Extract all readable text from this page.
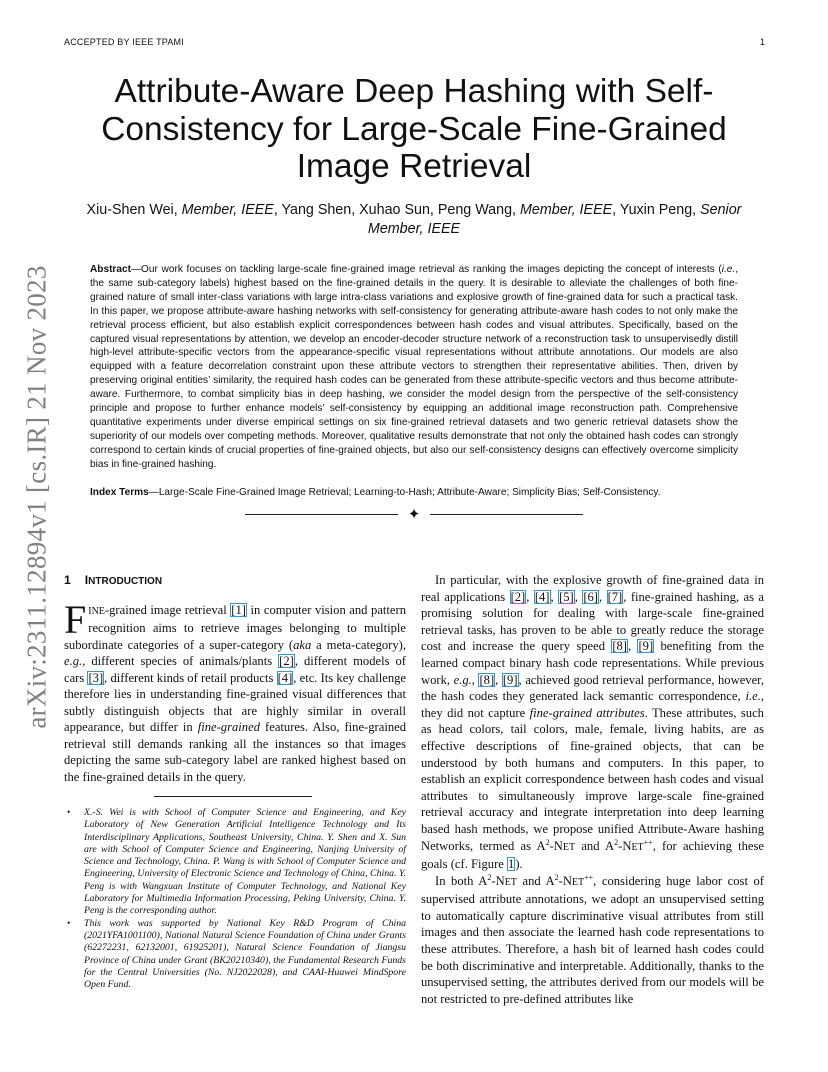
ACCEPTED BY IEEE TPAMI	1
arXiv:2311.12894v1 [cs.IR] 21 Nov 2023
Attribute-Aware Deep Hashing with Self-Consistency for Large-Scale Fine-Grained Image Retrieval
Xiu-Shen Wei, Member, IEEE, Yang Shen, Xuhao Sun, Peng Wang, Member, IEEE, Yuxin Peng, Senior Member, IEEE
Abstract—Our work focuses on tackling large-scale fine-grained image retrieval as ranking the images depicting the concept of interests (i.e., the same sub-category labels) highest based on the fine-grained details in the query. It is desirable to alleviate the challenges of both fine-grained nature of small inter-class variations with large intra-class variations and explosive growth of fine-grained data for such a practical task. In this paper, we propose attribute-aware hashing networks with self-consistency for generating attribute-aware hash codes to not only make the retrieval process efficient, but also establish explicit correspondences between hash codes and visual attributes. Specifically, based on the captured visual representations by attention, we develop an encoder-decoder structure network of a reconstruction task to unsupervisedly distill high-level attribute-specific vectors from the appearance-specific visual representations without attribute annotations. Our models are also equipped with a feature decorrelation constraint upon these attribute vectors to strengthen their representative abilities. Then, driven by preserving original entities’ similarity, the required hash codes can be generated from these attribute-specific vectors and thus become attribute-aware. Furthermore, to combat simplicity bias in deep hashing, we consider the model design from the perspective of the self-consistency principle and propose to further enhance models’ self-consistency by equipping an additional image reconstruction path. Comprehensive quantitative experiments under diverse empirical settings on six fine-grained retrieval datasets and two generic retrieval datasets show the superiority of our models over competing methods. Moreover, qualitative results demonstrate that not only the obtained hash codes can strongly correspond to certain kinds of crucial properties of fine-grained objects, but also our self-consistency designs can effectively overcome simplicity bias in fine-grained hashing.
Index Terms—Large-Scale Fine-Grained Image Retrieval; Learning-to-Hash; Attribute-Aware; Simplicity Bias; Self-Consistency.
✦
1 INTRODUCTION

FINE-grained image retrieval [1] in computer vision and pattern recognition aims to retrieve images belonging to multiple subordinate categories of a super-category (aka a meta-category), e.g., different species of animals/plants [2], different models of cars [3], different kinds of retail products [4], etc. Its key challenge therefore lies in understanding fine-grained visual differences that subtly distinguish objects that are highly similar in overall appearance, but differ in fine-grained features. Also, fine-grained retrieval still demands ranking all the instances so that images depicting the same sub-category label are ranked highest based on the fine-grained details in the query.

• X.-S. Wei is with School of Computer Science and Engineering, and Key Laboratory of New Generation Artificial Intelligence Technology and Its Interdisciplinary Applications, Southeast University, China. Y. Shen and X. Sun are with School of Computer Science and Engineering, Nanjing University of Science and Technology, China. P. Wang is with School of Computer Science and Engineering, University of Electronic Science and Technology of China, China. Y. Peng is with Wangxuan Institute of Computer Technology, and National Key Laboratory for Multimedia Information Processing, Peking University, China. Y. Peng is the corresponding author.
• This work was supported by National Key R&D Program of China (2021YFA1001100), National Natural Science Foundation of China under Grants (62272231, 62132001, 61925201), Natural Science Foundation of Jiangsu Province of China under Grant (BK20210340), the Fundamental Research Funds for the Central Universities (No. NJ2022028), and CAAI-Huawei MindSpore Open Fund.

In particular, with the explosive growth of fine-grained data in real applications [2], [4], [5], [6], [7], fine-grained hashing, as a promising solution for dealing with large-scale fine-grained retrieval tasks, has proven to be able to greatly reduce the storage cost and increase the query speed [8], [9] benefiting from the learned compact binary hash code representations. While previous work, e.g., [8], [9], achieved good retrieval performance, however, the hash codes they generated lack semantic correspondence, i.e., they did not capture fine-grained attributes. These attributes, such as head colors, tail colors, male, female, living habits, are as effective descriptions of fine-grained objects, that can be understood by both humans and computers. In this paper, to establish an explicit correspondence between hash codes and visual attributes to simultaneously improve large-scale fine-grained retrieval accuracy and integrate interpretation into deep learning based hash methods, we propose unified Attribute-Aware hashing Networks, termed as $A^2$-NET and $A^2-NET^{++}$, for achieving these goals (cf. Figure 1).

In both $A^2$-NET and $A^2-NET^{++}$, considering huge labor cost of supervised attribute annotations, we adopt an unsupervised setting to automatically capture discriminative visual attributes from still images and then associate the learned hash code representations to these attributes. Therefore, a hash bit of learned hash codes could be both discriminative and interpretable. Additionally, thanks to the unsupervised setting, the attributes derived from our models will be not restricted to pre-defined attributes like
